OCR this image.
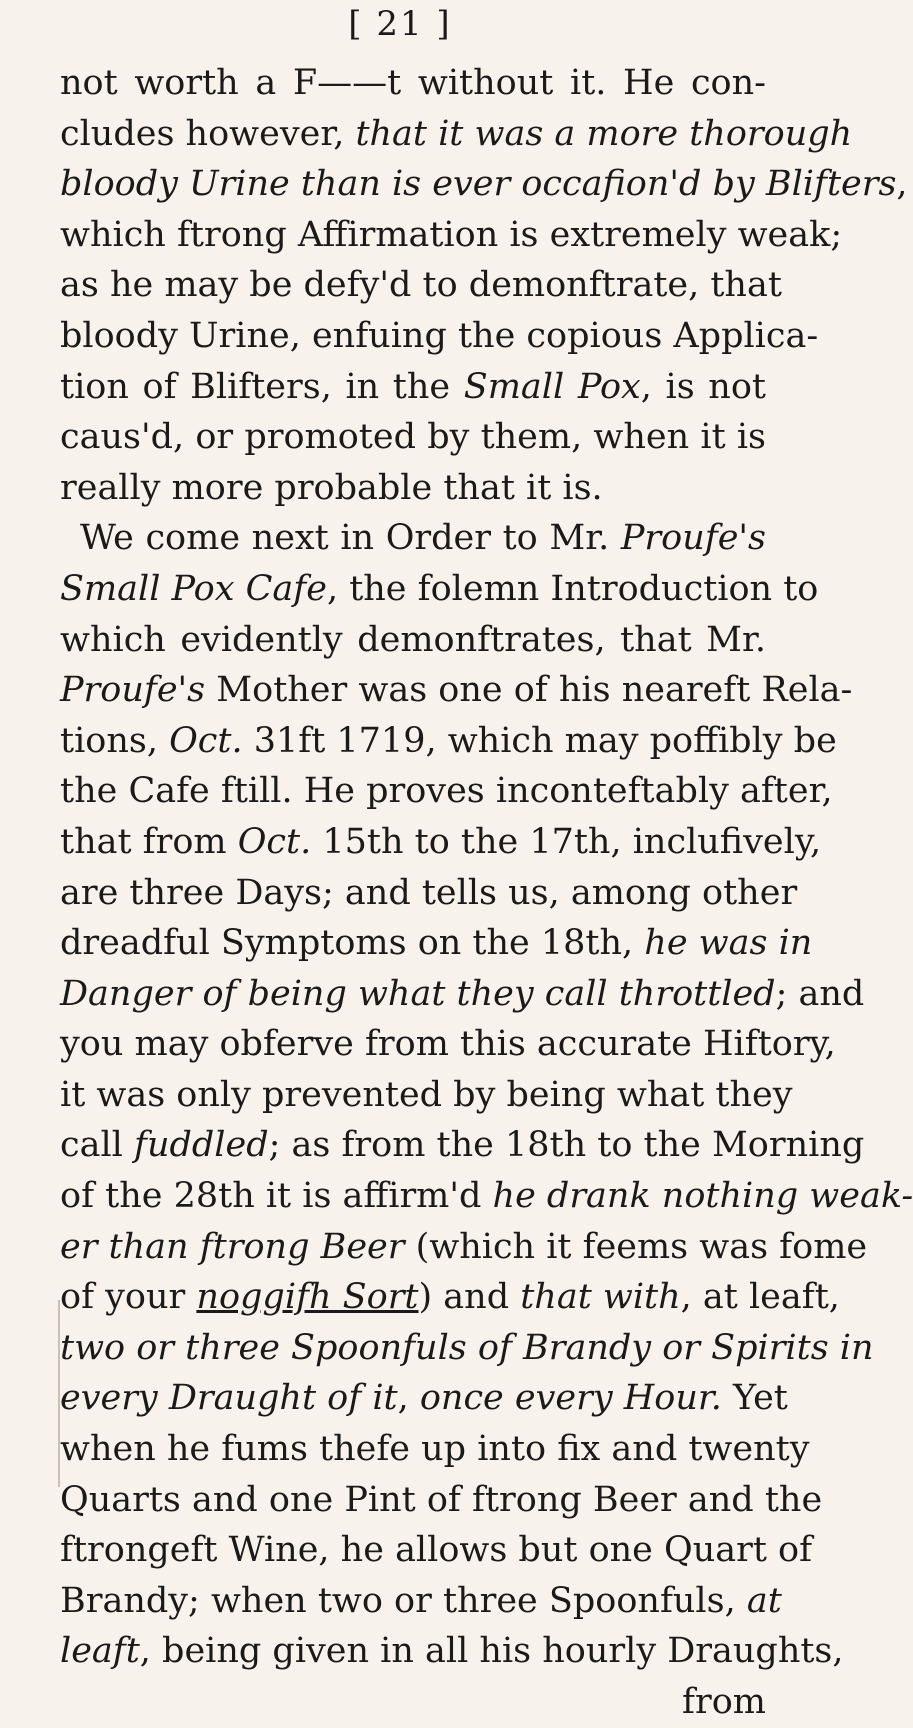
[ 21 ]
not worth a F——t without it. He con-
cludes however, that it was a more thorough
bloody Urine than is ever occafion'd by Blifters,
which ftrong Affirmation is extremely weak;
as he may be defy'd to demonftrate, that
bloody Urine, enfuing the copious Applica-
tion of Blifters, in the Small Pox, is not
caus'd, or promoted by them, when it is
really more probable that it is.
We come next in Order to Mr. Proufe's
Small Pox Cafe, the folemn Introduction to
which evidently demonftrates, that Mr.
Proufe's Mother was one of his neareft Rela-
tions, Oct. 31ft 1719, which may poffibly be
the Cafe ftill. He proves inconteftably after,
that from Oct. 15th to the 17th, inclufively,
are three Days; and tells us, among other
dreadful Symptoms on the 18th, he was in
Danger of being what they call throttled; and
you may obferve from this accurate Hiftory,
it was only prevented by being what they
call fuddled; as from the 18th to the Morning
of the 28th it is affirm'd he drank nothing weak-
er than ftrong Beer (which it feems was fome
of your noggifh Sort) and that with, at leaft,
two or three Spoonfuls of Brandy or Spirits in
every Draught of it, once every Hour. Yet
when he fums thefe up into fix and twenty
Quarts and one Pint of ftrong Beer and the
ftrongeft Wine, he allows but one Quart of
Brandy; when two or three Spoonfuls, at
leaft, being given in all his hourly Draughts,
from
